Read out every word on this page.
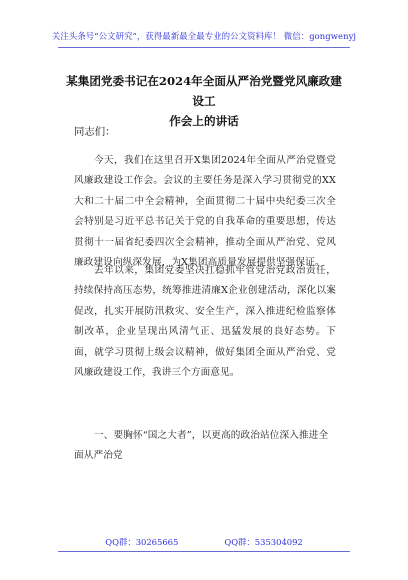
关注头条号“公文研究”，获得最新最全最专业的公文资料库！ 微信：gongwenyj
某集团党委书记在2024年全面从严治党暨党风廉政建设工
作会上的讲话
同志们：

今天，我们在这里召开X集团2024年全面从严治党暨党风廉政建设工作会。会议的主要任务是深入学习贯彻党的XX大和二十届二中全会精神，全面贯彻二十届中央纪委三次全会特别是习近平总书记关于党的自我革命的重要思想，传达贯彻十一届省纪委四次全会精神，推动全面从严治党、党风廉政建设向纵深发展，为X集团高质量发展提供坚强保证。

去年以来，集团党委坚决扛稳抓牢管党治党政治责任，持续保持高压态势，统筹推进清廉X企业创建活动，深化以案促改，扎实开展防汛救灾、安全生产，深入推进纪检监察体制改革，企业呈现出风清气正、迅猛发展的良好态势。下面，就学习贯彻上级会议精神，做好集团全面从严治党、党风廉政建设工作，我讲三个方面意见。

一、要胸怀“国之大者”，以更高的政治站位深入推进全面从严治党

QQ群：30265665	QQ群：535304092
